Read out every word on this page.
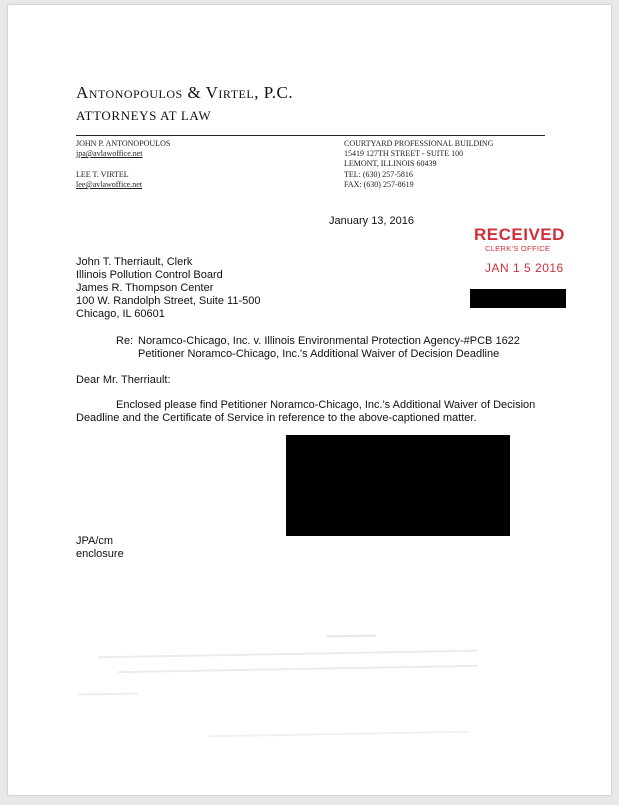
Antonopoulos & Virtel, P.C.
ATTORNEYS AT LAW
JOHN P. ANTONOPOULOS
jpa@avlawoffice.net
LEE T. VIRTEL
lee@avlawoffice.net
COURTYARD PROFESSIONAL BUILDING
15419 127TH STREET - SUITE 100
LEMONT, ILLINOIS 60439
TEL: (630) 257-5816
FAX: (630) 257-8619
January 13, 2016
RECEIVED
CLERK'S OFFICE
JAN 1 5 2016
John T. Therriault, Clerk
Illinois Pollution Control Board
James R. Thompson Center
100 W. Randolph Street, Suite 11-500
Chicago, IL 60601
Re: Noramco-Chicago, Inc. v. Illinois Environmental Protection Agency-#PCB 1622
Petitioner Noramco-Chicago, Inc.'s Additional Waiver of Decision Deadline
Dear Mr. Therriault:
Enclosed please find Petitioner Noramco-Chicago, Inc.'s Additional Waiver of Decision
Deadline and the Certificate of Service in reference to the above-captioned matter.
JPA/cm
enclosure
